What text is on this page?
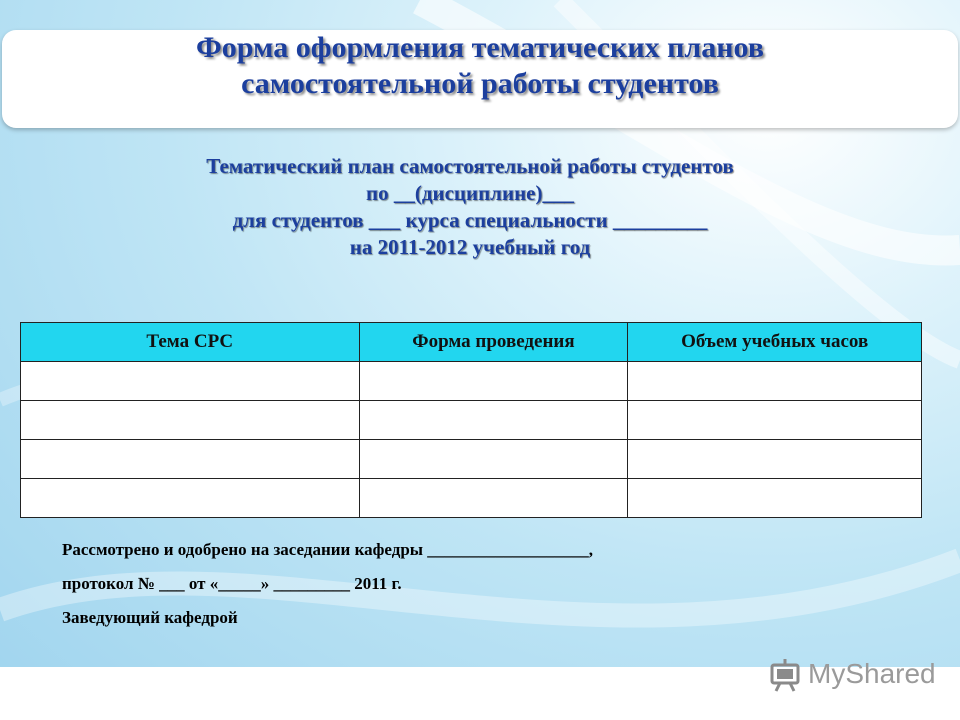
Форма оформления тематических планов
самостоятельной работы студентов
Тематический план самостоятельной работы студентов
по __(дисциплине)___
для студентов ___ курса специальности _________
на 2011-2012 учебный год
Тема СРС	Форма проведения	Объем учебных часов

Рассмотрено и одобрено на заседании кафедры ___________________,
протокол № ___ от «_____» _________ 2011 г.
Заведующий кафедрой
MyShared
